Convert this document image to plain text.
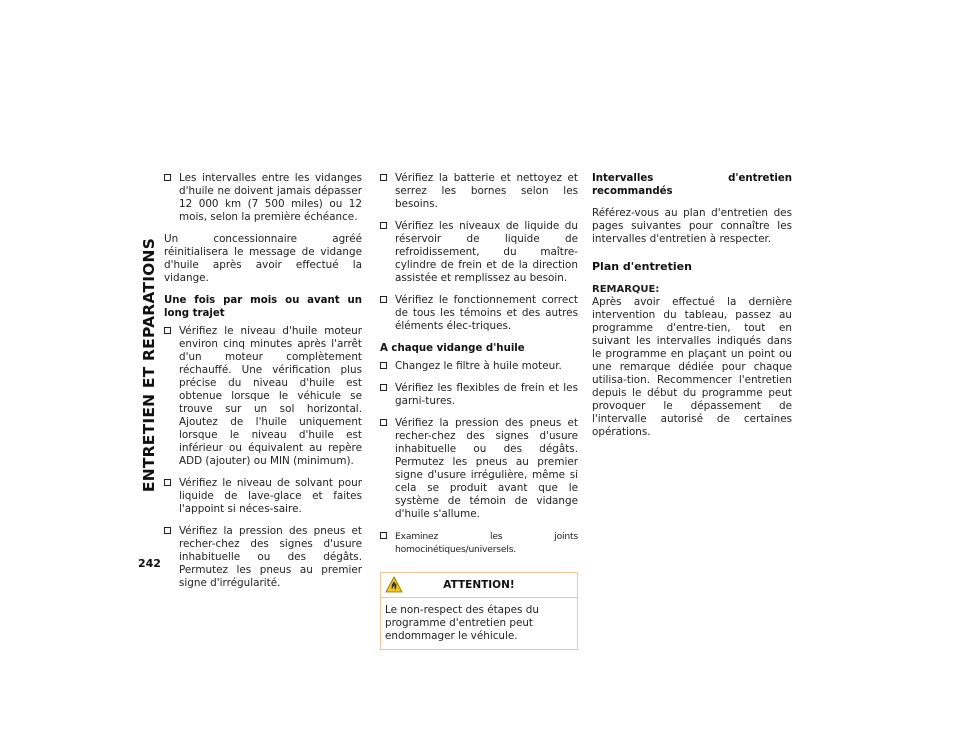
ENTRETIEN ET REPARATIONS
242
Les intervalles entre les vidanges d'huile ne doivent jamais dépasser 12 000 km (7 500 miles) ou 12 mois, selon la première échéance.

Un concessionnaire agréé réinitialisera le message de vidange d'huile après avoir effectué la vidange.

Une fois par mois ou avant un long trajet
Vérifiez le niveau d'huile moteur environ cinq minutes après l'arrêt d'un moteur complètement réchauffé. Une vérification plus précise du niveau d'huile est obtenue lorsque le véhicule se trouve sur un sol horizontal. Ajoutez de l'huile uniquement lorsque le niveau d'huile est inférieur ou équivalent au repère ADD (ajouter) ou MIN (minimum).
Vérifiez le niveau de solvant pour liquide de lave-glace et faites l'appoint si néces-saire.
Vérifiez la pression des pneus et recher-chez des signes d'usure inhabituelle ou des dégâts. Permutez les pneus au premier signe d'irrégularité.
Vérifiez la batterie et nettoyez et serrez les bornes selon les besoins.
Vérifiez les niveaux de liquide du réservoir de liquide de refroidissement, du maître-cylindre de frein et de la direction assistée et remplissez au besoin.
Vérifiez le fonctionnement correct de tous les témoins et des autres éléments élec-triques.
A chaque vidange d'huile
Changez le filtre à huile moteur.
Vérifiez les flexibles de frein et les garni-tures.
Vérifiez la pression des pneus et recher-chez des signes d'usure inhabituelle ou des dégâts. Permutez les pneus au premier signe d'usure irrégulière, même si cela se produit avant que le système de témoin de vidange d'huile s'allume.
Examinez les joints homocinétiques/universels.
ATTENTION!
Le non-respect des étapes du programme d'entretien peut endommager le véhicule.
Intervalles d'entretien recommandés

Référez-vous au plan d'entretien des pages suivantes pour connaître les intervalles d'entretien à respecter.

Plan d'entretien
REMARQUE:

Après avoir effectué la dernière intervention du tableau, passez au programme d'entre-tien, tout en suivant les intervalles indiqués dans le programme en plaçant un point ou une remarque dédiée pour chaque utilisa-tion. Recommencer l'entretien depuis le début du programme peut provoquer le dépassement de l'intervalle autorisé de certaines opérations.
